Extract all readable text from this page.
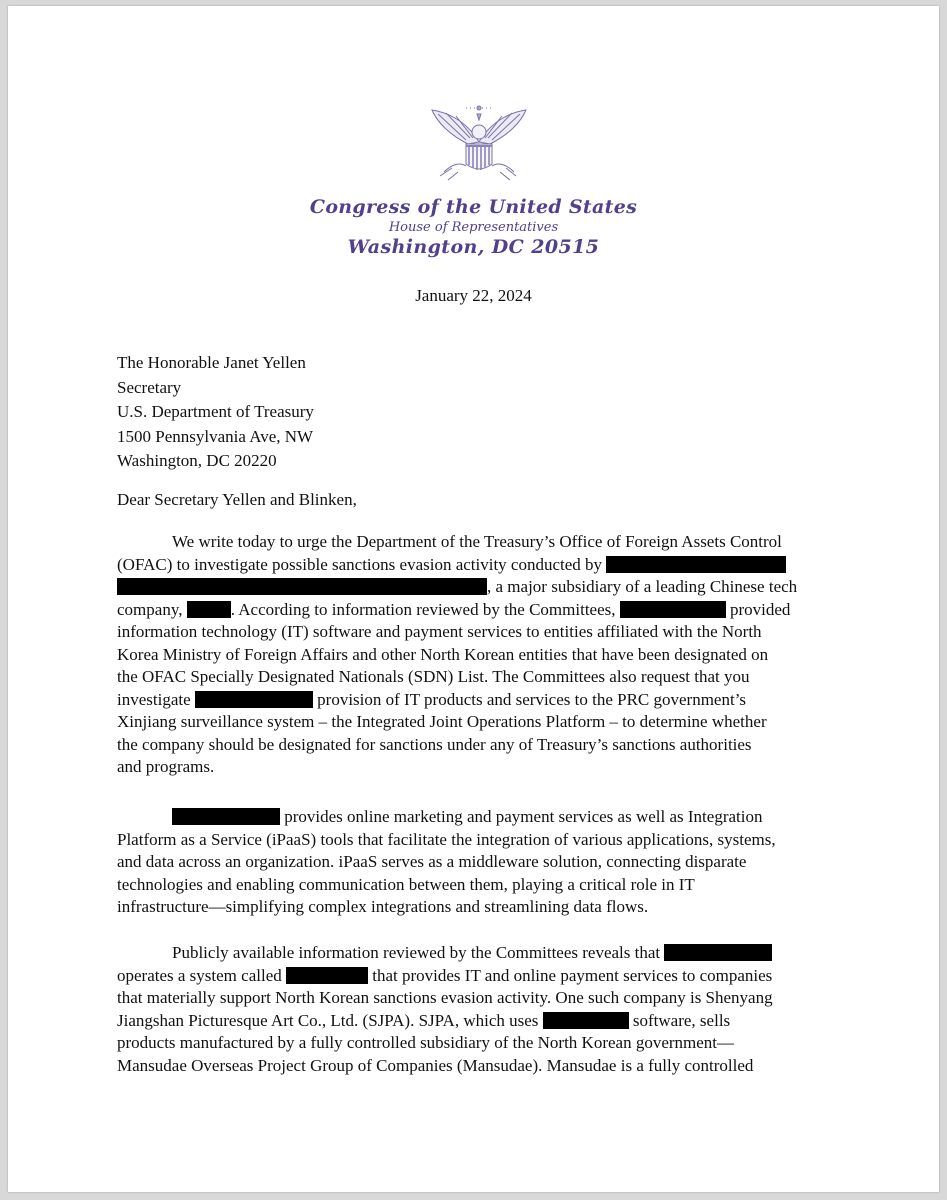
Congress of the United States
House of Representatives
Washington, DC 20515
January 22, 2024
The Honorable Janet Yellen
Secretary
U.S. Department of Treasury
1500 Pennsylvania Ave, NW
Washington, DC 20220
Dear Secretary Yellen and Blinken,
We write today to urge the Department of the Treasury’s Office of Foreign Assets Control
(OFAC) to investigate possible sanctions evasion activity conducted by
, a major subsidiary of a leading Chinese tech
company,	. According to information reviewed by the Committees,	provided
information technology (IT) software and payment services to entities affiliated with the North
Korea Ministry of Foreign Affairs and other North Korean entities that have been designated on
the OFAC Specially Designated Nationals (SDN) List. The Committees also request that you
investigate	provision of IT products and services to the PRC government’s
Xinjiang surveillance system – the Integrated Joint Operations Platform – to determine whether
the company should be designated for sanctions under any of Treasury’s sanctions authorities
and programs.
provides online marketing and payment services as well as Integration
Platform as a Service (iPaaS) tools that facilitate the integration of various applications, systems,
and data across an organization. iPaaS serves as a middleware solution, connecting disparate
technologies and enabling communication between them, playing a critical role in IT
infrastructure—simplifying complex integrations and streamlining data flows.
Publicly available information reviewed by the Committees reveals that
operates a system called	that provides IT and online payment services to companies
that materially support North Korean sanctions evasion activity. One such company is Shenyang
Jiangshan Picturesque Art Co., Ltd. (SJPA). SJPA, which uses	software, sells
products manufactured by a fully controlled subsidiary of the North Korean government—
Mansudae Overseas Project Group of Companies (Mansudae). Mansudae is a fully controlled
